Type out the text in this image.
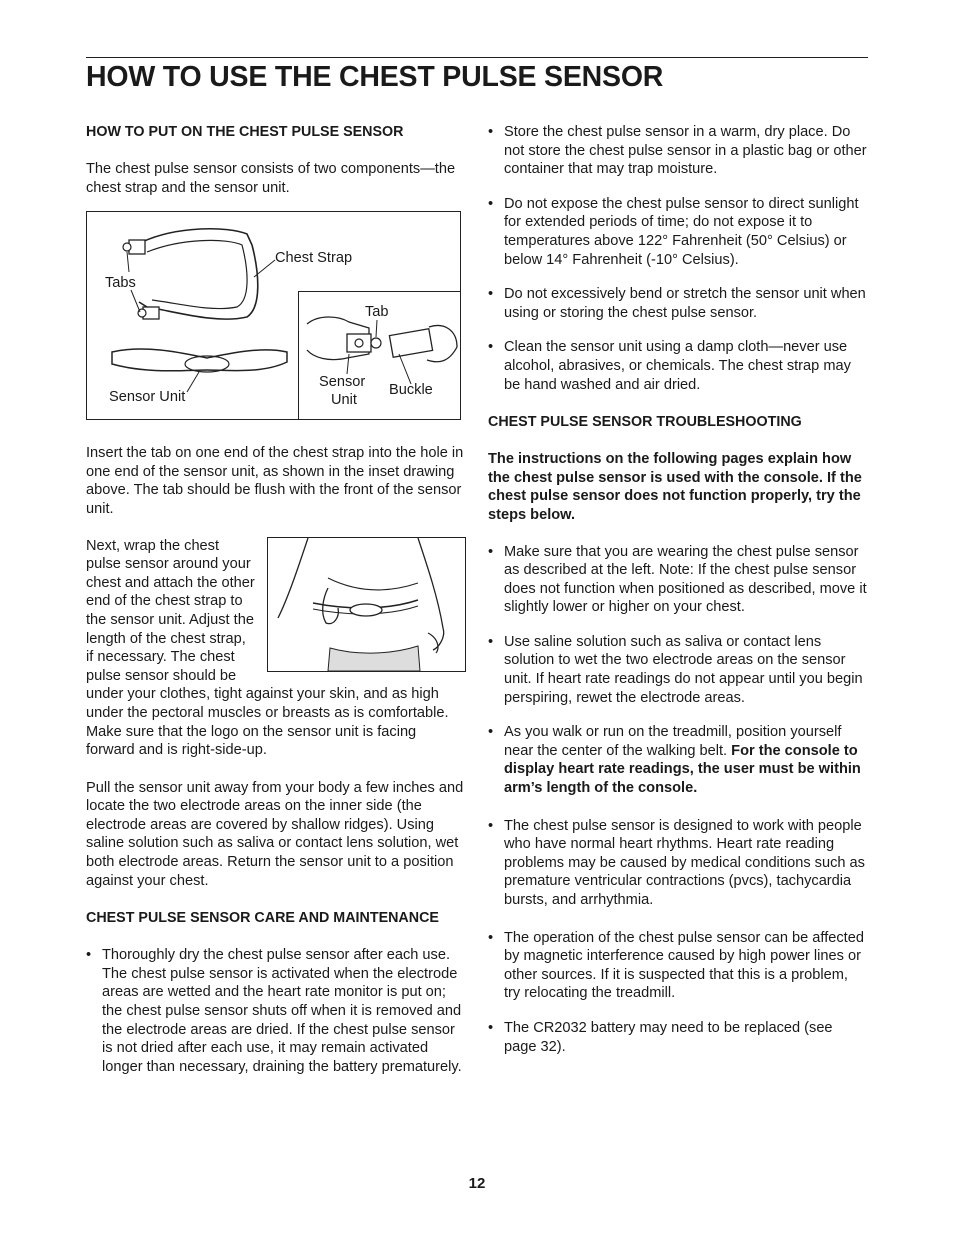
HOW TO USE THE CHEST PULSE SENSOR
HOW TO PUT ON THE CHEST PULSE SENSOR

The chest pulse sensor consists of two components—the chest strap and the sensor unit.

Chest Strap
Tabs
Sensor Unit
Tab
Sensor
Unit
Buckle

Insert the tab on one end of the chest strap into the hole in one end of the sensor unit, as shown in the inset drawing above. The tab should be flush with the front of the sensor unit.

Next, wrap the chest pulse sensor around your chest and attach the other end of the chest strap to the sensor unit. Adjust the length of the chest strap, if necessary. The chest pulse sensor should be under your clothes, tight against your skin, and as high under the pectoral muscles or breasts as is comfortable. Make sure that the logo on the sensor unit is facing forward and is right-side-up.

Pull the sensor unit away from your body a few inches and locate the two electrode areas on the inner side (the electrode areas are covered by shallow ridges). Using saline solution such as saliva or contact lens solution, wet both electrode areas. Return the sensor unit to a position against your chest.

CHEST PULSE SENSOR CARE AND MAINTENANCE
• Thoroughly dry the chest pulse sensor after each use. The chest pulse sensor is activated when the electrode areas are wetted and the heart rate monitor is put on; the chest pulse sensor shuts off when it is removed and the electrode areas are dried. If the chest pulse sensor is not dried after each use, it may remain activated longer than necessary, draining the battery prematurely.
• Store the chest pulse sensor in a warm, dry place. Do not store the chest pulse sensor in a plastic bag or other container that may trap moisture.
• Do not expose the chest pulse sensor to direct sunlight for extended periods of time; do not expose it to temperatures above 122° Fahrenheit (50° Celsius) or below 14° Fahrenheit (-10° Celsius).
• Do not excessively bend or stretch the sensor unit when using or storing the chest pulse sensor.
• Clean the sensor unit using a damp cloth—never use alcohol, abrasives, or chemicals. The chest strap may be hand washed and air dried.
CHEST PULSE SENSOR TROUBLESHOOTING

The instructions on the following pages explain how the chest pulse sensor is used with the console. If the chest pulse sensor does not function properly, try the steps below.

• Make sure that you are wearing the chest pulse sensor as described at the left. Note: If the chest pulse sensor does not function when positioned as described, move it slightly lower or higher on your chest.
• Use saline solution such as saliva or contact lens solution to wet the two electrode areas on the sensor unit. If heart rate readings do not appear until you begin perspiring, rewet the electrode areas.
• As you walk or run on the treadmill, position yourself near the center of the walking belt. For the console to display heart rate readings, the user must be within arm’s length of the console.
• The chest pulse sensor is designed to work with people who have normal heart rhythms. Heart rate reading problems may be caused by medical conditions such as premature ventricular contractions (pvcs), tachycardia bursts, and arrhythmia.
• The operation of the chest pulse sensor can be affected by magnetic interference caused by high power lines or other sources. If it is suspected that this is a problem, try relocating the treadmill.
• The CR2032 battery may need to be replaced (see page 32).
12
